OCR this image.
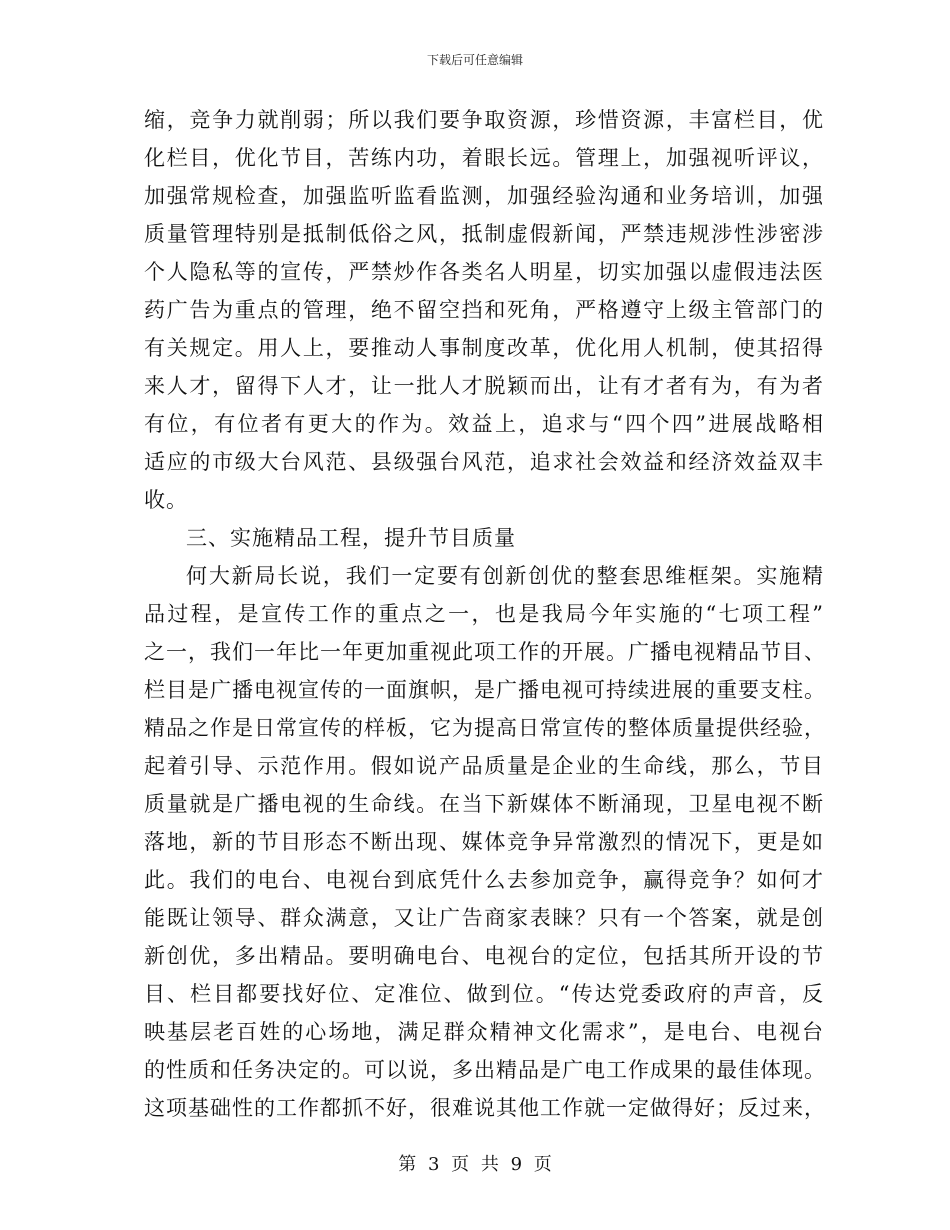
下载后可任意编辑
缩，竞争力就削弱；所以我们要争取资源，珍惜资源，丰富栏目，优
化栏目，优化节目，苦练内功，着眼长远。管理上，加强视听评议，
加强常规检查，加强监听监看监测，加强经验沟通和业务培训，加强
质量管理特别是抵制低俗之风，抵制虚假新闻，严禁违规涉性涉密涉
个人隐私等的宣传，严禁炒作各类名人明星，切实加强以虚假违法医
药广告为重点的管理，绝不留空挡和死角，严格遵守上级主管部门的
有关规定。用人上，要推动人事制度改革，优化用人机制，使其招得
来人才，留得下人才，让一批人才脱颖而出，让有才者有为，有为者
有位，有位者有更大的作为。效益上，追求与“四个四”进展战略相
适应的市级大台风范、县级强台风范，追求社会效益和经济效益双丰
收。
三、实施精品工程，提升节目质量
何大新局长说，我们一定要有创新创优的整套思维框架。实施精
品过程，是宣传工作的重点之一，也是我局今年实施的“七项工程”
之一，我们一年比一年更加重视此项工作的开展。广播电视精品节目、
栏目是广播电视宣传的一面旗帜，是广播电视可持续进展的重要支柱。
精品之作是日常宣传的样板，它为提高日常宣传的整体质量提供经验，
起着引导、示范作用。假如说产品质量是企业的生命线，那么，节目
质量就是广播电视的生命线。在当下新媒体不断涌现，卫星电视不断
落地，新的节目形态不断出现、媒体竞争异常激烈的情况下，更是如
此。我们的电台、电视台到底凭什么去参加竞争，赢得竞争？如何才
能既让领导、群众满意，又让广告商家表睐？只有一个答案，就是创
新创优，多出精品。要明确电台、电视台的定位，包括其所开设的节
目、栏目都要找好位、定准位、做到位。“传达党委政府的声音，反
映基层老百姓的心场地，满足群众精神文化需求”，是电台、电视台
的性质和任务决定的。可以说，多出精品是广电工作成果的最佳体现。
这项基础性的工作都抓不好，很难说其他工作就一定做得好；反过来，
第 3 页 共 9 页
